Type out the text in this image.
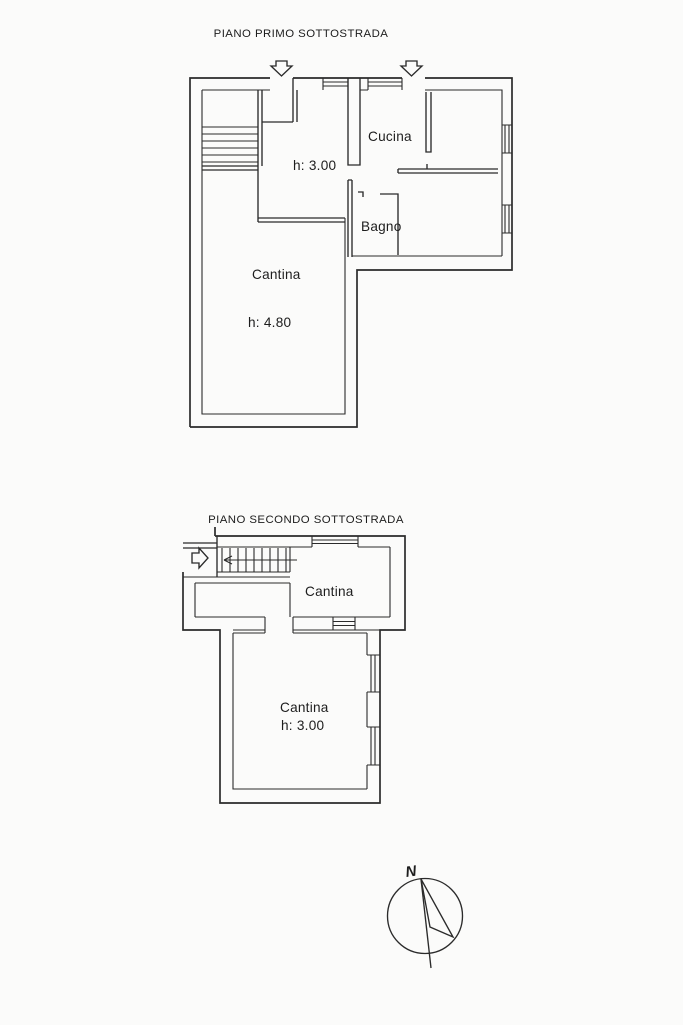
PIANO PRIMO SOTTOSTRADA
Cucina
h: 3.00
Bagno
Cantina
h: 4.80
PIANO SECONDO SOTTOSTRADA
Cantina
Cantina
h: 3.00
N
